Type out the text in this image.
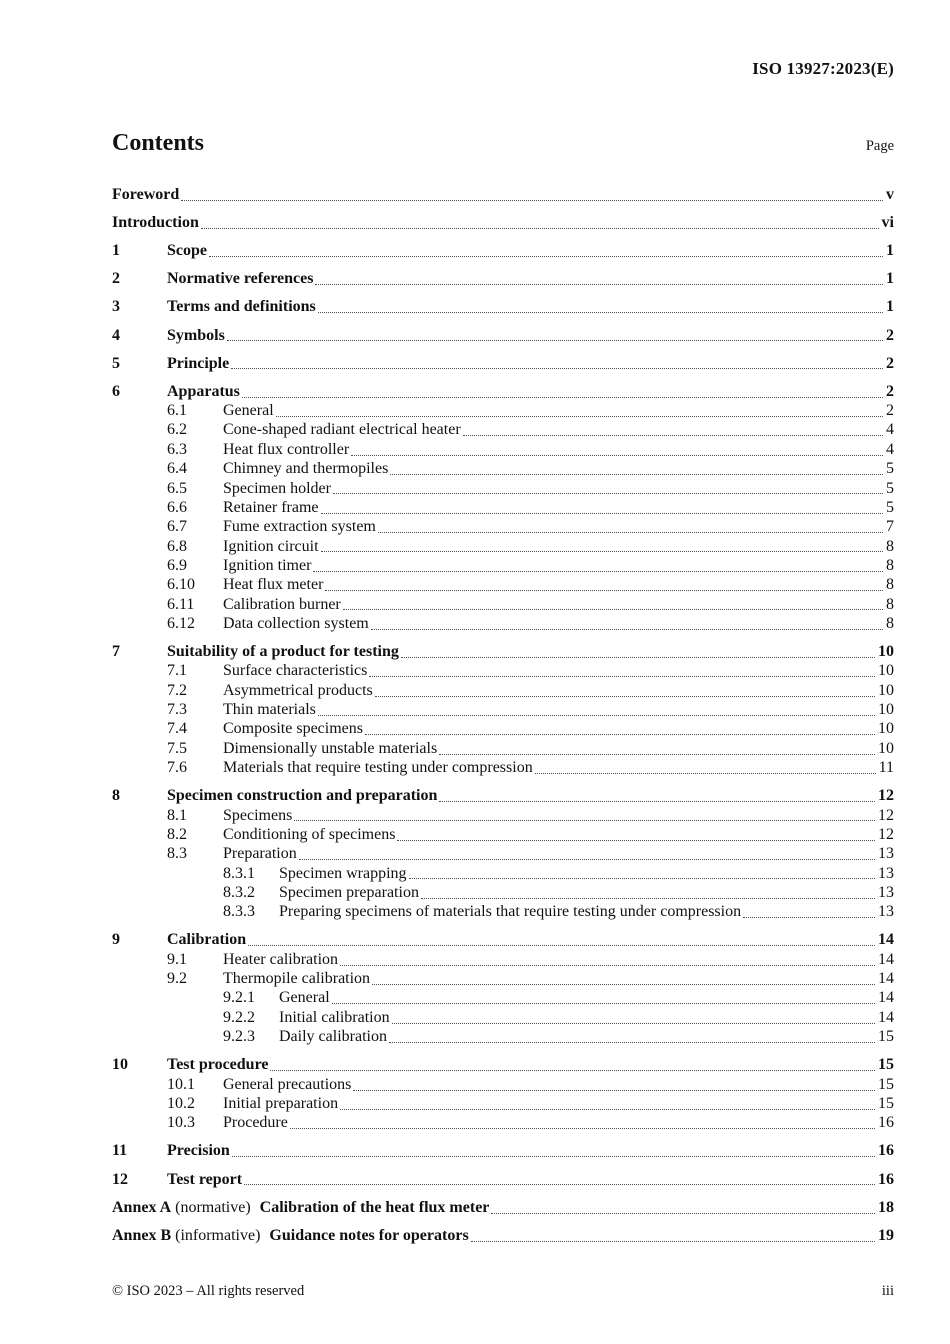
ISO 13927:2023(E)
Contents	Page
Foreword	v
Introduction	vi
1	Scope	1
2	Normative references	1
3	Terms and definitions	1
4	Symbols	2
5	Principle	2
6	Apparatus	2
6.1	General	2
6.2	Cone-shaped radiant electrical heater	4
6.3	Heat flux controller	4
6.4	Chimney and thermopiles	5
6.5	Specimen holder	5
6.6	Retainer frame	5
6.7	Fume extraction system	7
6.8	Ignition circuit	8
6.9	Ignition timer	8
6.10	Heat flux meter	8
6.11	Calibration burner	8
6.12	Data collection system	8
7	Suitability of a product for testing	10
7.1	Surface characteristics	10
7.2	Asymmetrical products	10
7.3	Thin materials	10
7.4	Composite specimens	10
7.5	Dimensionally unstable materials	10
7.6	Materials that require testing under compression	11
8	Specimen construction and preparation	12
8.1	Specimens	12
8.2	Conditioning of specimens	12
8.3	Preparation	13
8.3.1	Specimen wrapping	13
8.3.2	Specimen preparation	13
8.3.3	Preparing specimens of materials that require testing under compression	13
9	Calibration	14
9.1	Heater calibration	14
9.2	Thermopile calibration	14
9.2.1	General	14
9.2.2	Initial calibration	14
9.2.3	Daily calibration	15
10	Test procedure	15
10.1	General precautions	15
10.2	Initial preparation	15
10.3	Procedure	16
11	Precision	16
12	Test report	16
Annex A (normative) Calibration of the heat flux meter	18
Annex B (informative) Guidance notes for operators	19
© ISO 2023 – All rights reserved	iii
